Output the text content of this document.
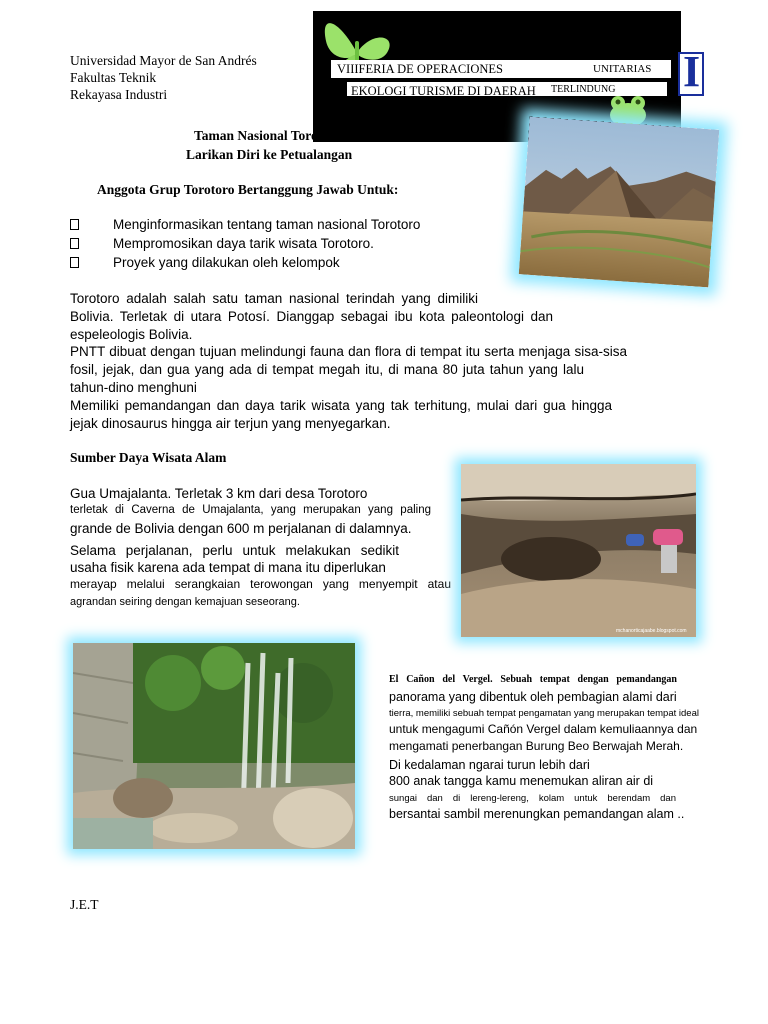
Universidad Mayor de San Andrés
Fakultas Teknik
Rekayasa Industri
VIIIFERIA DE OPERACIONES	UNITARIAS
EKOLOGI TURISME DI DAERAH TERLINDUNG I
Taman Nasional Toro
Larikan Diri ke Petualangan
Anggota Grup Torotoro Bertanggung Jawab Untuk:
Menginformasikan tentang taman nasional Torotoro
Mempromosikan daya tarik wisata Torotoro.
Proyek yang dilakukan oleh kelompok
Torotoro adalah salah satu taman nasional terindah yang dimiliki
Bolivia. Terletak di utara Potosí. Dianggap sebagai ibu kota paleontologi dan
espeleologis Bolivia.
PNTT dibuat dengan tujuan melindungi fauna dan flora di tempat itu serta menjaga sisa-sisa
fosil, jejak, dan gua yang ada di tempat megah itu, di mana 80 juta tahun yang lalu
tahun-dino menghuni
Memiliki pemandangan dan daya tarik wisata yang tak terhitung, mulai dari gua hingga
jejak dinosaurus hingga air terjun yang menyegarkan.
Sumber Daya Wisata Alam
Gua Umajalanta. Terletak 3 km dari desa Torotoro
terletak di Caverna de Umajalanta, yang merupakan yang paling
grande de Bolivia dengan 600 m perjalanan di dalamnya.
Selama perjalanan, perlu untuk melakukan sedikit
usaha fisik karena ada tempat di mana itu diperlukan
merayap melalui serangkaian terowongan yang menyempit atau
agrandan seiring dengan kemajuan seseorang.
mchanorticajaabe.blogspot.com
El Cañon del Vergel. Sebuah tempat dengan pemandangan
panorama yang dibentuk oleh pembagian alami dari
tierra, memiliki sebuah tempat pengamatan yang merupakan tempat ideal
untuk mengagumi Cañón Vergel dalam kemuliaannya dan
mengamati penerbangan Burung Beo Berwajah Merah.
Di kedalaman ngarai turun lebih dari
800 anak tangga kamu menemukan aliran air di
sungai dan di lereng-lereng, kolam untuk berendam dan
bersantai sambil merenungkan pemandangan alam ..
J.E.T
